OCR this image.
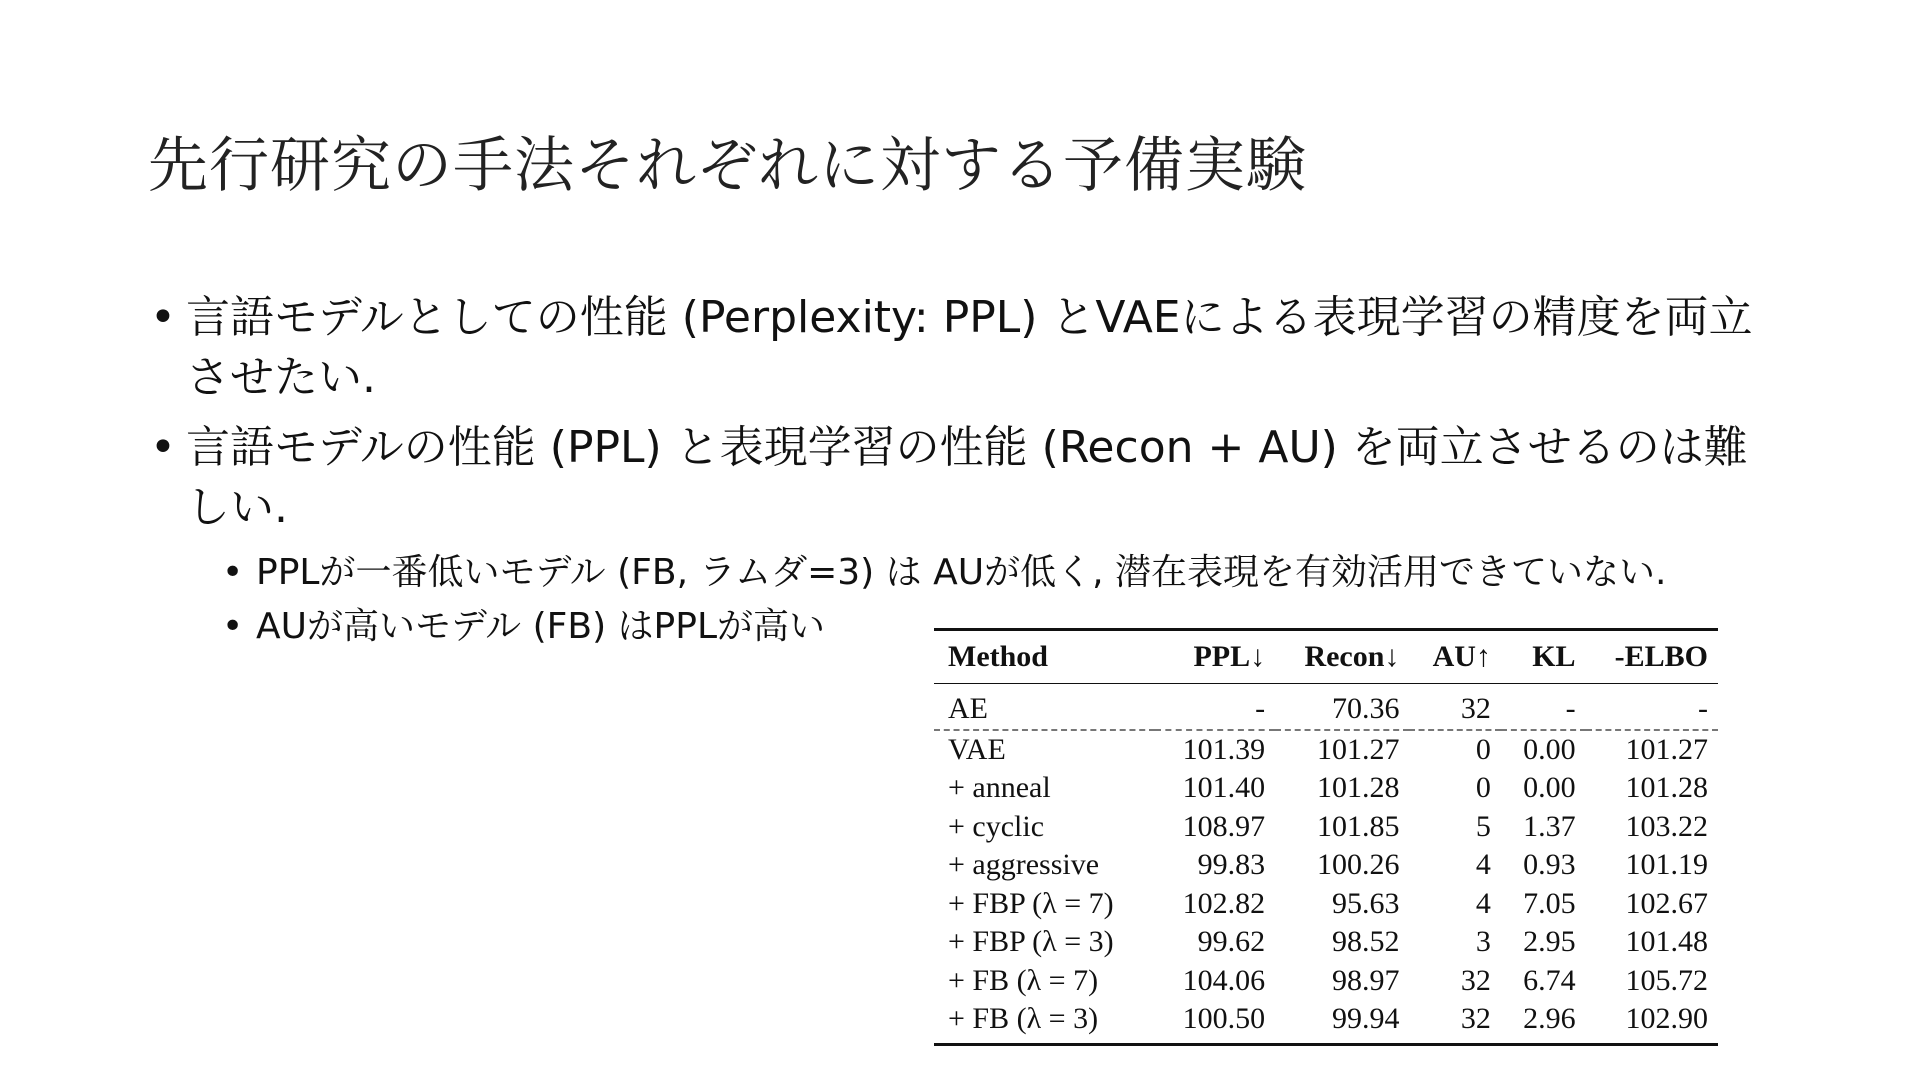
先行研究の手法それぞれに対する予備実験
• 言語モデルとしての性能 (Perplexity: PPL) とVAEによる表現学習の精度を両立させたい.
• 言語モデルの性能 (PPL) と表現学習の性能 (Recon + AU) を両立させるのは難しい.
• PPLが一番低いモデル (FB, ラムダ=3) は AUが低く, 潜在表現を有効活用できていない.
• AUが高いモデル (FB) はPPLが高い
Method	PPL↓	Recon↓	AU↑	KL	-ELBO
AE	-	70.36	32	-	-
VAE	101.39	101.27	0	0.00	101.27
+ anneal	101.40	101.28	0	0.00	101.28
+ cyclic	108.97	101.85	5	1.37	103.22
+ aggressive	99.83	100.26	4	0.93	101.19
+ FBP (λ = 7)	102.82	95.63	4	7.05	102.67
+ FBP (λ = 3)	99.62	98.52	3	2.95	101.48
+ FB (λ = 7)	104.06	98.97	32	6.74	105.72
+ FB (λ = 3)	100.50	99.94	32	2.96	102.90
